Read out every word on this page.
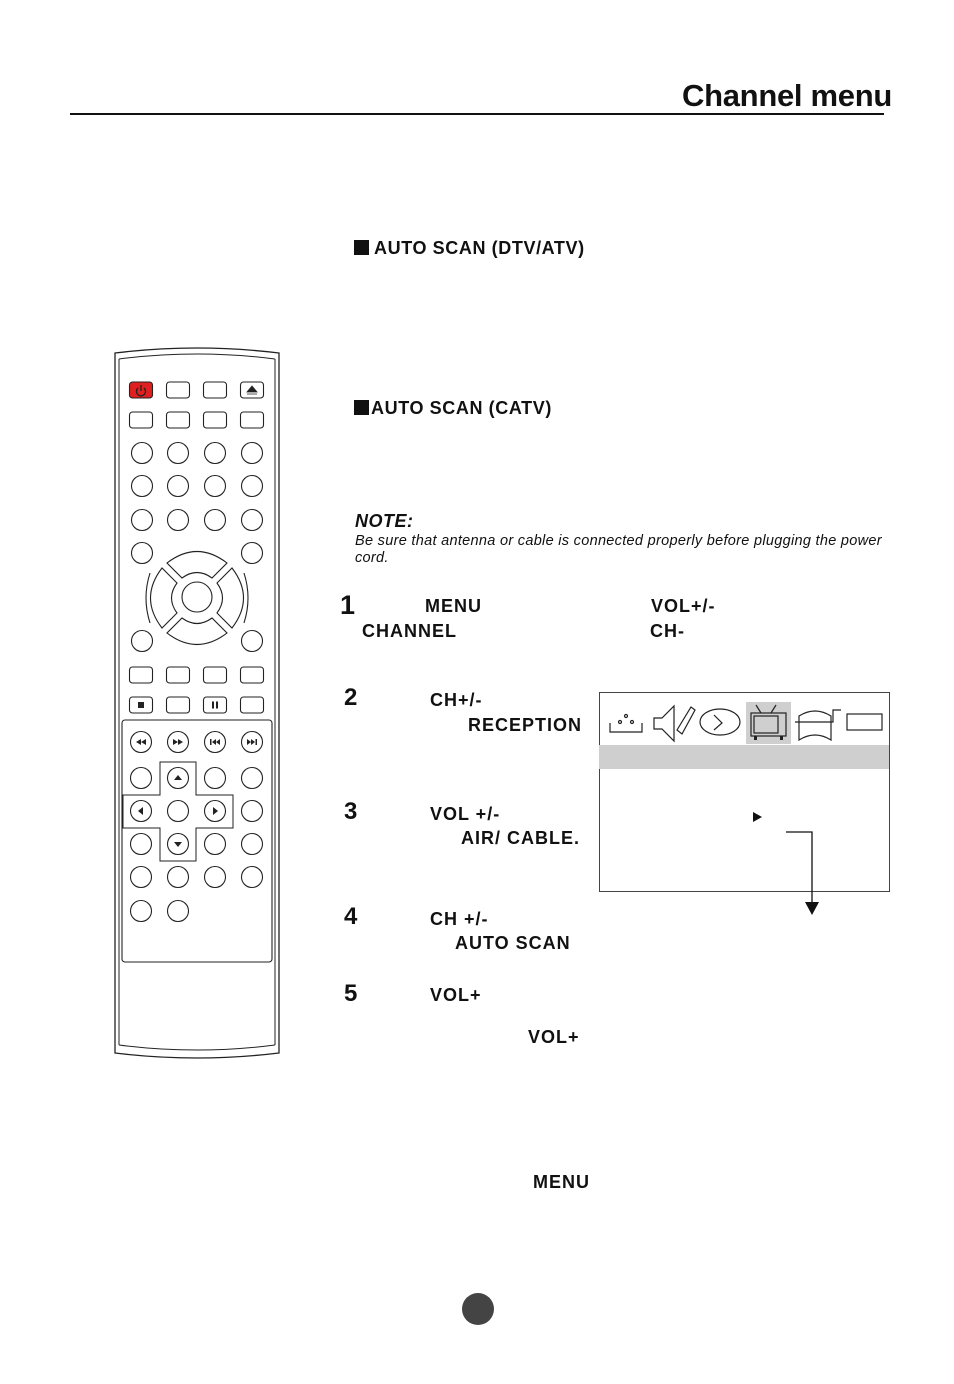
Channel menu
AUTO SCAN (DTV/ATV)
AUTO SCAN (CATV)
NOTE:
Be sure that antenna or cable is connected properly before plugging the power cord.
1	MENU	VOL+/-
CHANNEL	CH-
2	CH+/-
RECEPTION
3	VOL +/-
AIR/ CABLE.
4	CH +/-
AUTO SCAN
5	VOL+
VOL+
MENU
